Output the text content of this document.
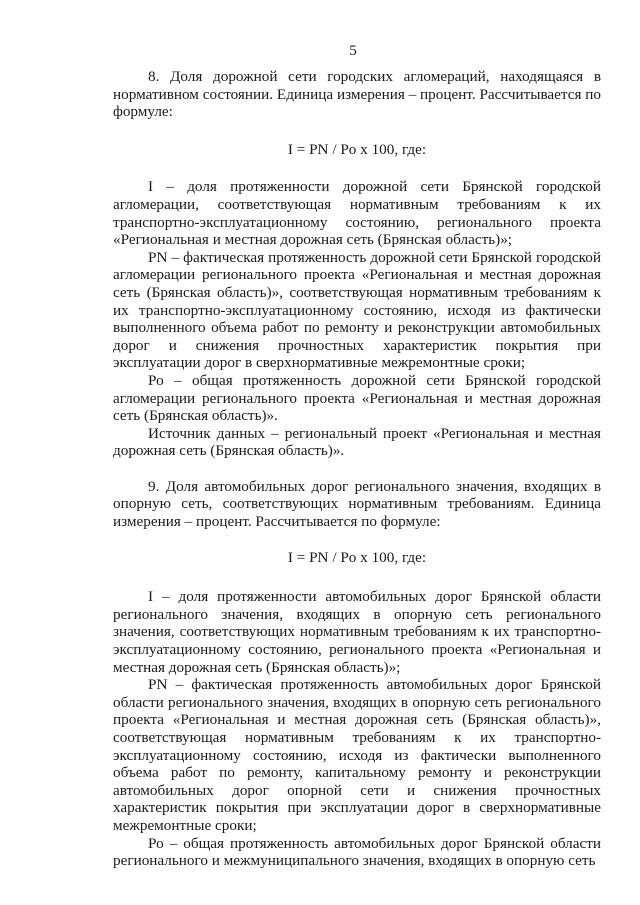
5

8. Доля дорожной сети городских агломераций, находящаяся в нормативном состоянии. Единица измерения – процент. Рассчитывается по формуле:

I = PN / Po х 100, где:

I – доля протяженности дорожной сети Брянской городской агломерации, соответствующая нормативным требованиям к их транспортно-эксплуатационному состоянию, регионального проекта «Региональная и местная дорожная сеть (Брянская область)»;

PN – фактическая протяженность дорожной сети Брянской городской агломерации регионального проекта «Региональная и местная дорожная сеть (Брянская область)», соответствующая нормативным требованиям к их транспортно-эксплуатационному состоянию, исходя из фактически выполненного объема работ по ремонту и реконструкции автомобильных дорог и снижения прочностных характеристик покрытия при эксплуатации дорог в сверхнормативные межремонтные сроки;

Ро – общая протяженность дорожной сети Брянской городской агломерации регионального проекта «Региональная и местная дорожная сеть (Брянская область)».

Источник данных – региональный проект «Региональная и местная дорожная сеть (Брянская область)».

9. Доля автомобильных дорог регионального значения, входящих в опорную сеть, соответствующих нормативным требованиям. Единица измерения – процент. Рассчитывается по формуле:

I = PN / Po х 100, где:

I – доля протяженности автомобильных дорог Брянской области регионального значения, входящих в опорную сеть регионального значения, соответствующих нормативным требованиям к их транспортно-эксплуатационному состоянию, регионального проекта «Региональная и местная дорожная сеть (Брянская область)»;

PN – фактическая протяженность автомобильных дорог Брянской области регионального значения, входящих в опорную сеть регионального проекта «Региональная и местная дорожная сеть (Брянская область)», соответствующая нормативным требованиям к их транспортно-эксплуатационному состоянию, исходя из фактически выполненного объема работ по ремонту, капитальному ремонту и реконструкции автомобильных дорог опорной сети и снижения прочностных характеристик покрытия при эксплуатации дорог в сверхнормативные межремонтные сроки;

Ро – общая протяженность автомобильных дорог Брянской области регионального и межмуниципального значения, входящих в опорную сеть
